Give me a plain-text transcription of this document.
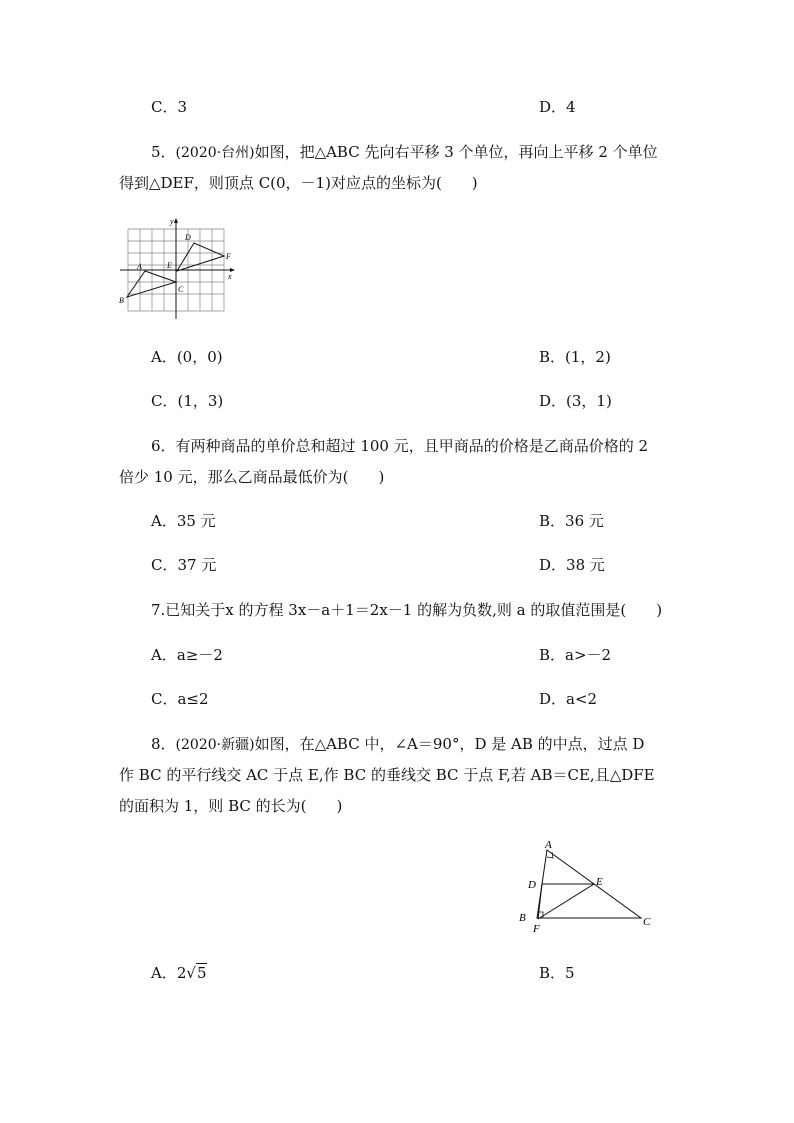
C．3	D．4
5．(2020·台州)如图，把△ABC 先向右平移 3 个单位，再向上平移 2 个单位
得到△DEF，则顶点 C(0，－1)对应点的坐标为(　　)
y
x
A
B
C
D
E
F
A．(0，0)	B．(1，2)
C．(1，3)	D．(3，1)
6．有两种商品的单价总和超过 100 元，且甲商品的价格是乙商品价格的 2
倍少 10 元，那么乙商品最低价为(　　)
A．35 元	B．36 元
C．37 元	D．38 元
7.已知关于x 的方程 3x－a＋1＝2x－1 的解为负数,则 a 的取值范围是(　　)
A．a≥－2	B．a>－2
C．a≤2	D．a<2
8．(2020·新疆)如图，在△ABC 中，∠A＝90°，D 是 AB 的中点，过点 D
作 BC 的平行线交 AC 于点 E,作 BC 的垂线交 BC 于点 F,若 AB＝CE,且△DFE
的面积为 1，则 BC 的长为(　　)
A
B	C
D	E
F
A．2√5	B．5
